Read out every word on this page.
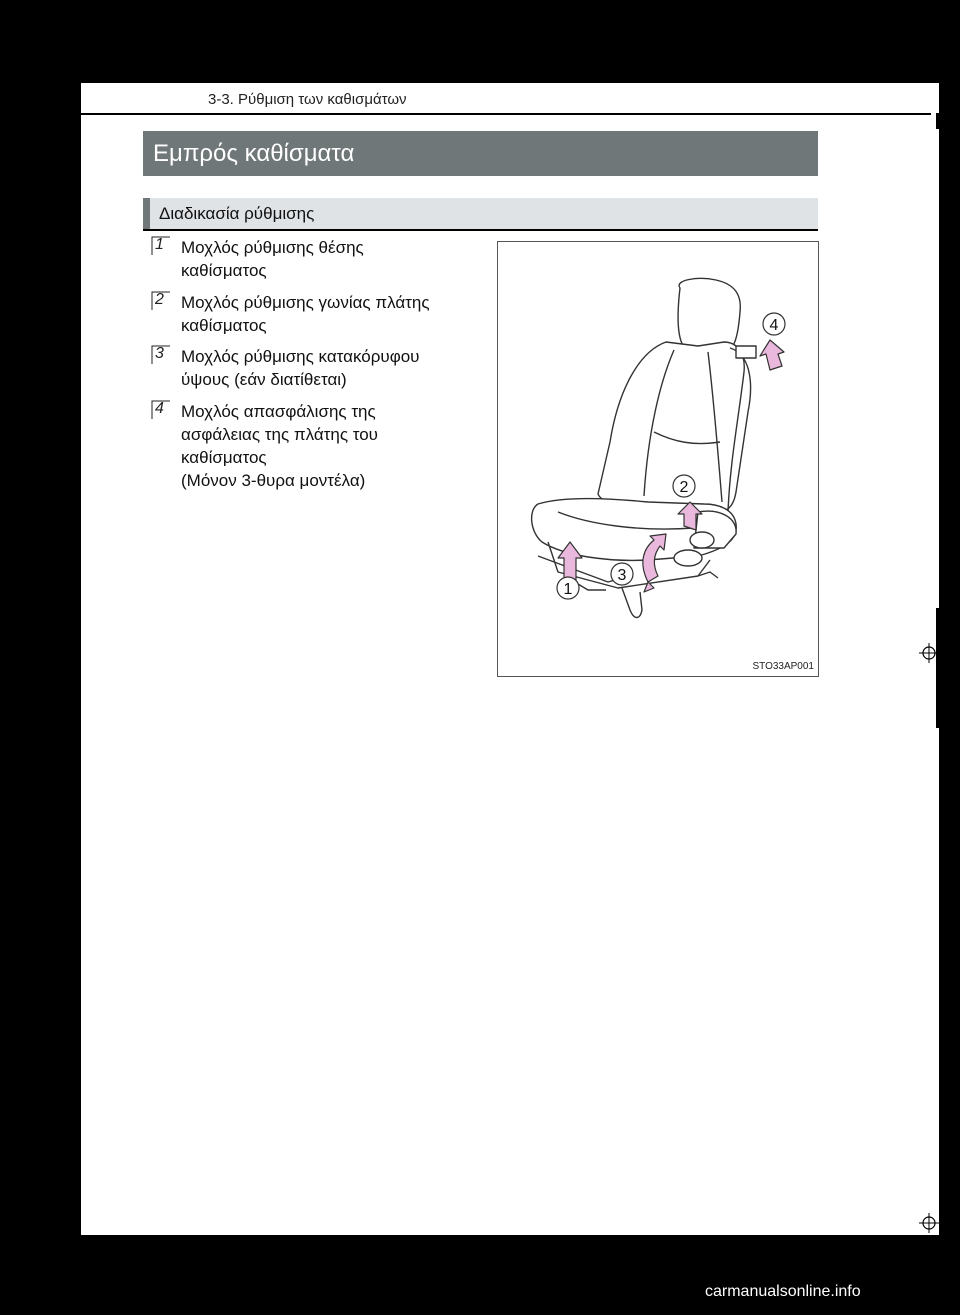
3-3. Ρύθμιση των καθισμάτων
Εμπρός καθίσματα
Διαδικασία ρύθμισης
1 Μοχλός ρύθμισης θέσης
καθίσματος
2 Μοχλός ρύθμισης γωνίας πλάτης
καθίσματος
3 Μοχλός ρύθμισης κατακόρυφου
ύψους (εάν διατίθεται)
4 Μοχλός απασφάλισης της
ασφάλειας της πλάτης του
καθίσματος
(Μόνον 3-θυρα μοντέλα)
1
2
3
4
STO33AP001
carmanualsonline.info
